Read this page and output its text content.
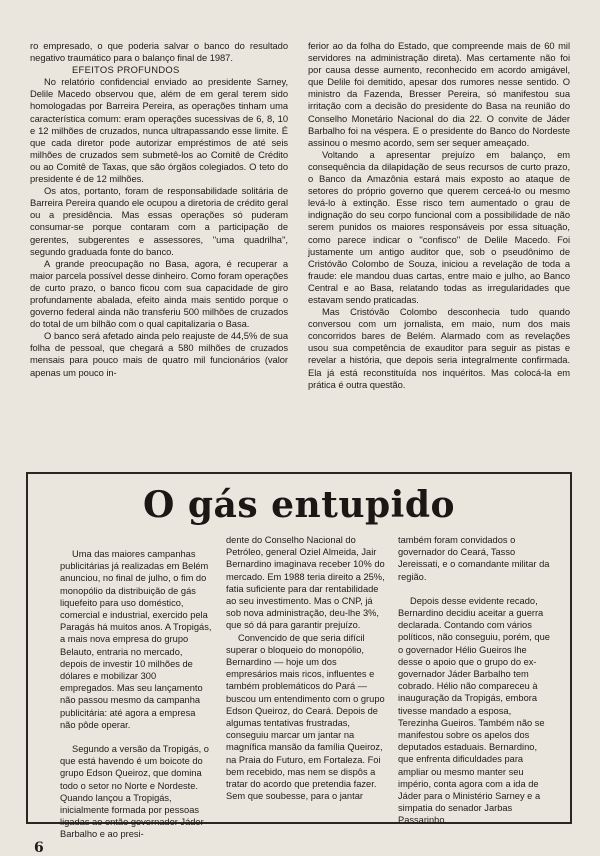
ro empresado, o que poderia salvar o banco do resultado negativo traumático para o balanço final de 1987.

EFEITOS PROFUNDOS

No relatório confidencial enviado ao presidente Sarney, Delile Macedo observou que, além de em geral terem sido homologadas por Barreira Pereira, as operações tinham uma característica comum: eram operações sucessivas de 6, 8, 10 e 12 milhões de cruzados, nunca ultrapassando esse limite. É que cada diretor pode autorizar empréstimos de até seis milhões de cruzados sem submetê-los ao Comitê de Crédito ou ao Comitê de Taxas, que são órgãos colegiados. O teto do presidente é de 12 milhões.

Os atos, portanto, foram de responsabilidade solitária de Barreira Pereira quando ele ocupou a diretoria de crédito geral ou a presidência. Mas essas operações só puderam consumar-se porque contaram com a participação de gerentes, subgerentes e assessores, ''uma quadrilha'', segundo graduada fonte do banco.

A grande preocupação no Basa, agora, é recuperar a maior parcela possível desse dinheiro. Como foram operações de curto prazo, o banco ficou com sua capacidade de giro profundamente abalada, efeito ainda mais sentido porque o governo federal ainda não transferiu 500 milhões de cruzados do total de um bilhão com o qual capitalizaria o Basa.

O banco será afetado ainda pelo reajuste de 44,5% de sua folha de pessoal, que chegará a 580 milhões de cruzados mensais para pouco mais de quatro mil funcionários (valor apenas um pouco in-

ferior ao da folha do Estado, que compreende mais de 60 mil servidores na administração direta). Mas certamente não foi por causa desse aumento, reconhecido em acordo amigável, que Delile foi demitido, apesar dos rumores nesse sentido. O ministro da Fazenda, Bresser Pereira, só manifestou sua irritação com a decisão do presidente do Basa na reunião do Conselho Monetário Nacional do dia 22. O convite de Jáder Barbalho foi na véspera. E o presidente do Banco do Nordeste assinou o mesmo acordo, sem ser sequer ameaçado.

Voltando a apresentar prejuízo em balanço, em consequência da dilapidação de seus recursos de curto prazo, o Banco da Amazônia estará mais exposto ao ataque de setores do próprio governo que querem cerceá-lo ou mesmo levá-lo à extinção. Esse risco tem aumentado o grau de indignação do seu corpo funcional com a possibilidade de não serem punidos os maiores responsáveis por essa situação, como parece indicar o ''confisco'' de Delile Macedo. Foi justamente um antigo auditor que, sob o pseudônimo de Cristóvão Colombo de Souza, iniciou a revelação de toda a fraude: ele mandou duas cartas, entre maio e julho, ao Banco Central e ao Basa, relatando todas as irregularidades que estavam sendo praticadas.

Mas Cristóvão Colombo desconhecia tudo quando conversou com um jornalista, em maio, num dos mais concorridos bares de Belém. Alarmado com as revelações usou sua competência de exauditor para seguir as pistas e revelar a história, que depois seria integralmente confirmada. Ela já está reconstituída nos inquéritos. Mas colocá-la em prática é outra questão.

O gás entupido

Uma das maiores campanhas publicitárias já realizadas em Belém anunciou, no final de julho, o fim do monopólio da distribuição de gás liquefeito para uso doméstico, comercial e industrial, exercido pela Paragás há muitos anos. A Tropigás, a mais nova empresa do grupo Belauto, entraria no mercado, depois de investir 10 milhões de dólares e mobilizar 300 empregados. Mas seu lançamento não passou mesmo da campanha publicitária: até agora a empresa não pôde operar.

Segundo a versão da Tropigás, o que está havendo é um boicote do grupo Edson Queiroz, que domina todo o setor no Norte e Nordeste. Quando lançou a Tropigás, inicialmente formada por pessoas ligadas ao então governador Jáder Barbalho e ao presi-

dente do Conselho Nacional do Petróleo, general Oziel Almeida, Jair Bernardino imaginava receber 10% do mercado. Em 1988 teria direito a 25%, fatia suficiente para dar rentabilidade ao seu investimento. Mas o CNP, já sob nova administração, deu-lhe 3%, que só dá para garantir prejuízo.

Convencido de que seria difícil superar o bloqueio do monopólio, Bernardino — hoje um dos empresários mais ricos, influentes e também problemáticos do Pará — buscou um entendimento com o grupo Edson Queiroz, do Ceará. Depois de algumas tentativas frustradas, conseguiu marcar um jantar na magnífica mansão da família Queiroz, na Praia do Futuro, em Fortaleza. Foi bem recebido, mas nem se dispôs a tratar do acordo que pretendia fazer. Sem que soubesse, para o jantar

também foram convidados o governador do Ceará, Tasso Jereissati, e o comandante militar da região.

Depois desse evidente recado, Bernardino decidiu aceitar a guerra declarada. Contando com vários políticos, não conseguiu, porém, que o governador Hélio Gueiros lhe desse o apoio que o grupo do ex-governador Jáder Barbalho tem cobrado. Hélio não compareceu à inauguração da Tropigás, embora tivesse mandado a esposa, Terezinha Gueiros. Também não se manifestou sobre os apelos dos deputados estaduais. Bernardino, que enfrenta dificuldades para ampliar ou mesmo manter seu império, conta agora com a ida de Jáder para o Ministério Sarney e a simpatia do senador Jarbas Passarinho.

6
